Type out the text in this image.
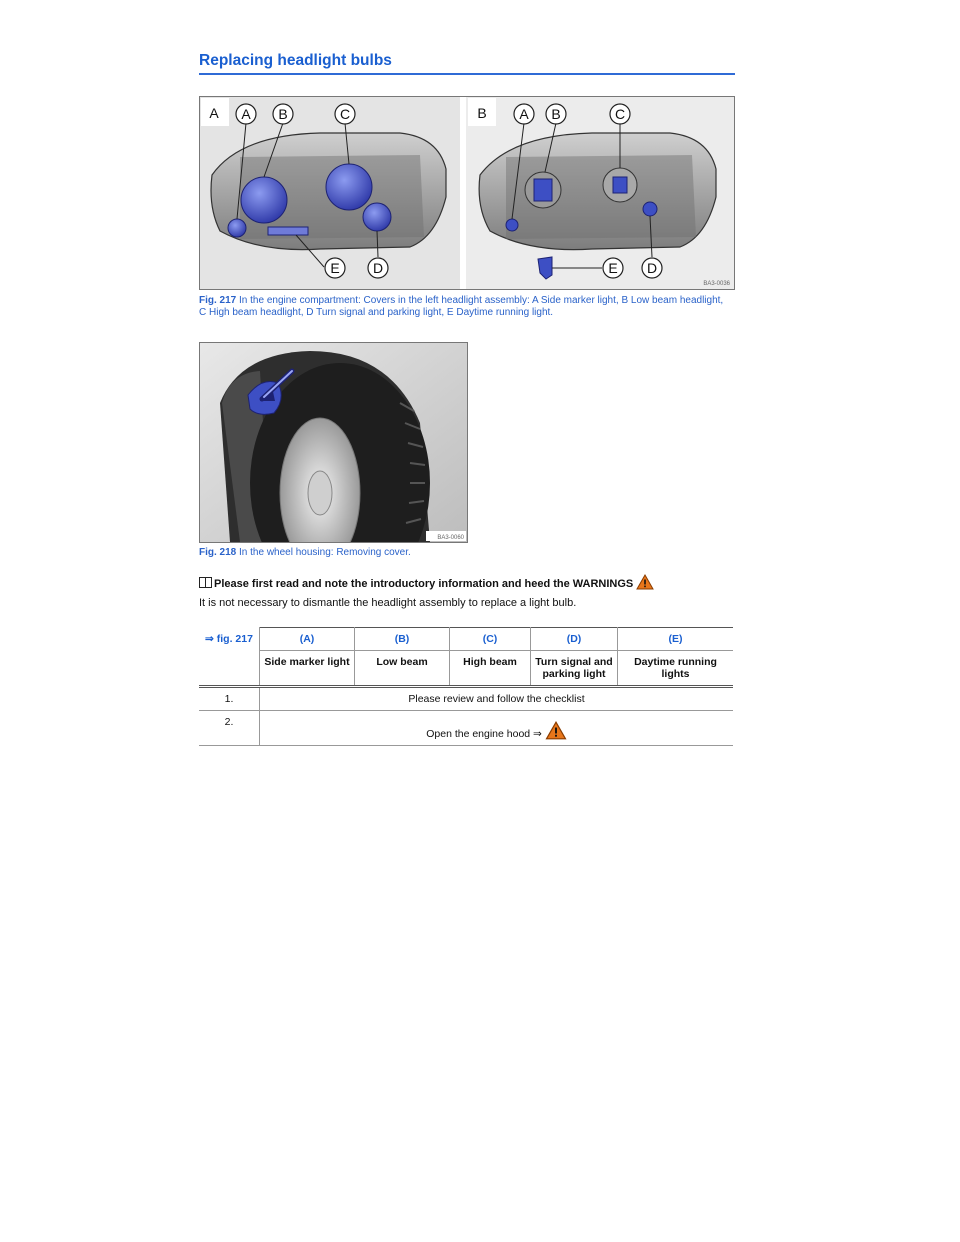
Replacing headlight bulbs
A	B
A B	C
D
E
A B	C
D
E
BA3-0036
Fig. 217 In the engine compartment: Covers in the left headlight assembly: A Side marker light, B Low beam headlight, C High beam headlight, D Turn signal and parking light, E Daytime running light.
BA3-0060
Fig. 218 In the wheel housing: Removing cover.
Please first read and note the introductory information and heed the WARNINGS
It is not necessary to dismantle the headlight assembly to replace a light bulb.
⇒ fig. 217	(A)	(B)	(C)	(D)	(E)
	Side marker light	Low beam	High beam	Turn signal and parking light	Daytime running lights
1.	Please review and follow the checklist				
2.	Open the engine hood ⇒				
